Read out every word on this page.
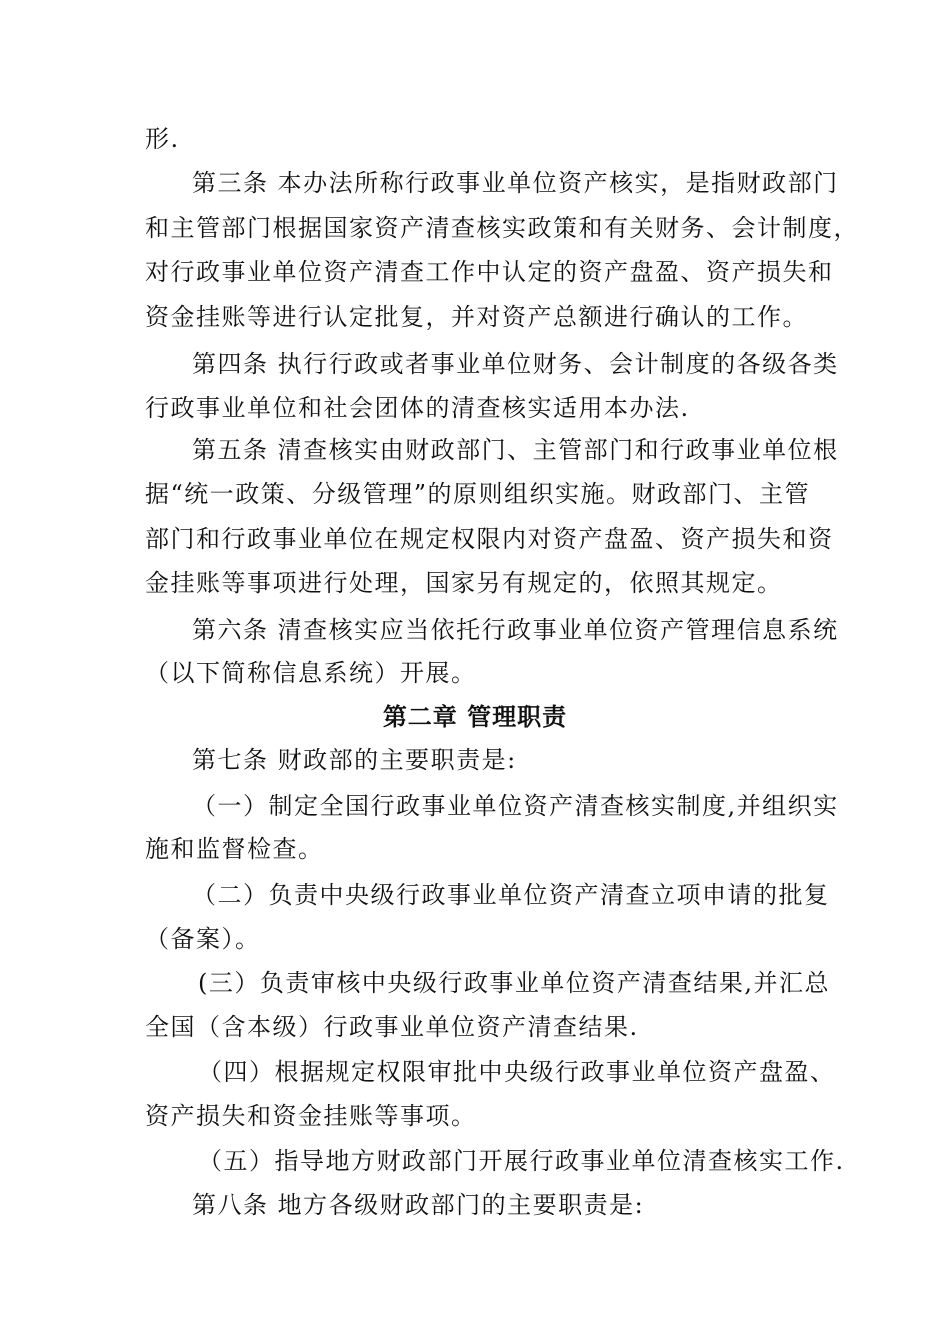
形.
第三条 本办法所称行政事业单位资产核实，是指财政部门
和主管部门根据国家资产清查核实政策和有关财务、会计制度，
对行政事业单位资产清查工作中认定的资产盘盈、资产损失和
资金挂账等进行认定批复，并对资产总额进行确认的工作。
第四条 执行行政或者事业单位财务、会计制度的各级各类
行政事业单位和社会团体的清查核实适用本办法.
第五条 清查核实由财政部门、主管部门和行政事业单位根
据“统一政策、分级管理”的原则组织实施。财政部门、主管
部门和行政事业单位在规定权限内对资产盘盈、资产损失和资
金挂账等事项进行处理，国家另有规定的，依照其规定。
第六条 清查核实应当依托行政事业单位资产管理信息系统
（以下简称信息系统）开展。
第二章 管理职责
第七条 财政部的主要职责是:
（一）制定全国行政事业单位资产清查核实制度,并组织实
施和监督检查。
（二）负责中央级行政事业单位资产清查立项申请的批复
（备案）。
(三）负责审核中央级行政事业单位资产清查结果,并汇总
全国（含本级）行政事业单位资产清查结果.
（四）根据规定权限审批中央级行政事业单位资产盘盈、
资产损失和资金挂账等事项。
（五）指导地方财政部门开展行政事业单位清查核实工作.
第八条 地方各级财政部门的主要职责是:
